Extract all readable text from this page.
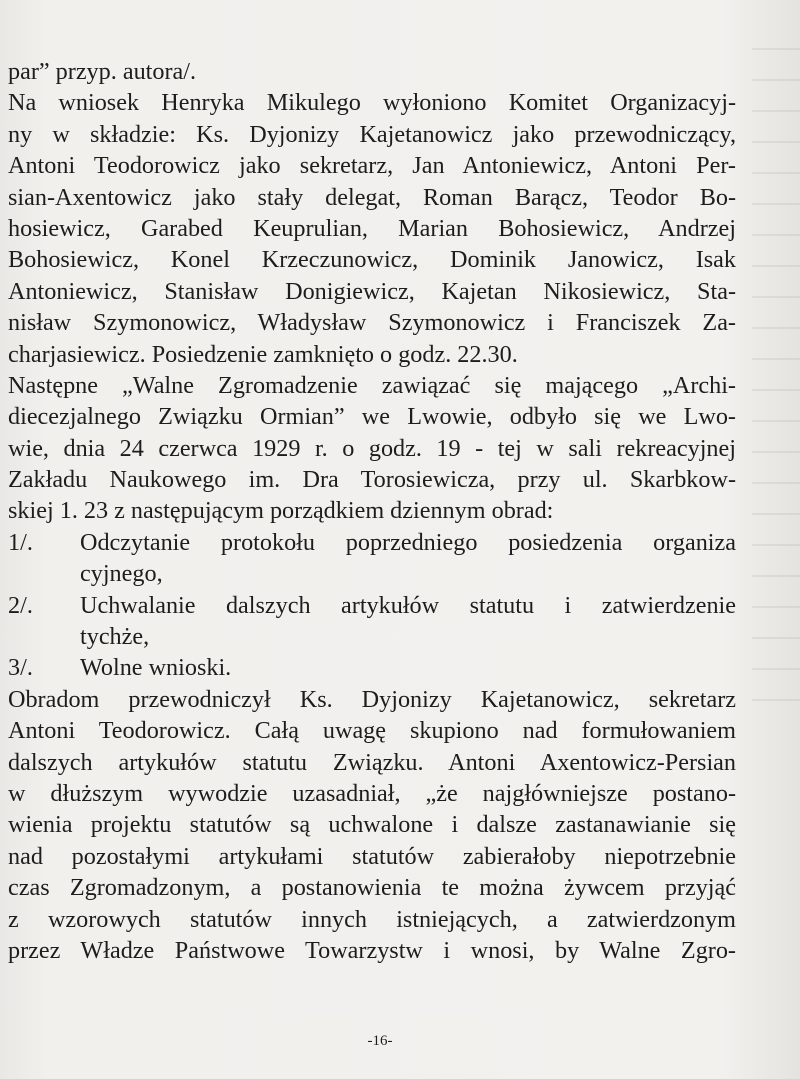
par” przyp. autora/.
Na wniosek Henryka Mikulego wyłoniono Komitet Organizacyj-
ny w składzie: Ks. Dyjonizy Kajetanowicz jako przewodniczący,
Antoni Teodorowicz jako sekretarz, Jan Antoniewicz, Antoni Per-
sian-Axentowicz jako stały delegat, Roman Barącz, Teodor Bo-
hosiewicz, Garabed Keuprulian, Marian Bohosiewicz, Andrzej
Bohosiewicz, Konel Krzeczunowicz, Dominik Janowicz, Isak
Antoniewicz, Stanisław Donigiewicz, Kajetan Nikosiewicz, Sta-
nisław Szymonowicz, Władysław Szymonowicz i Franciszek Za-
charjasiewicz. Posiedzenie zamknięto o godz. 22.30.
Następne „Walne Zgromadzenie zawiązać się mającego „Archi-
diecezjalnego Związku Ormian” we Lwowie, odbyło się we Lwo-
wie, dnia 24 czerwca 1929 r. o godz. 19 - tej w sali rekreacyjnej
Zakładu Naukowego im. Dra Torosiewicza, przy ul. Skarbkow-
skiej 1. 23 z następującym porządkiem dziennym obrad:
1/.	Odczytanie protokołu poprzedniego posiedzenia organiza
cyjnego,
2/.	Uchwalanie dalszych artykułów statutu i zatwierdzenie
tychże,
3/.	Wolne wnioski.
Obradom przewodniczył Ks. Dyjonizy Kajetanowicz, sekretarz
Antoni Teodorowicz. Całą uwagę skupiono nad formułowaniem
dalszych artykułów statutu Związku. Antoni Axentowicz-Persian
w dłuższym wywodzie uzasadniał, „że najgłówniejsze postano-
wienia projektu statutów są uchwalone i dalsze zastanawianie się
nad pozostałymi artykułami statutów zabierałoby niepotrzebnie
czas Zgromadzonym, a postanowienia te można żywcem przyjąć
z wzorowych statutów innych istniejących, a zatwierdzonym
przez Władze Państwowe Towarzystw i wnosi, by Walne Zgro-
-16-
